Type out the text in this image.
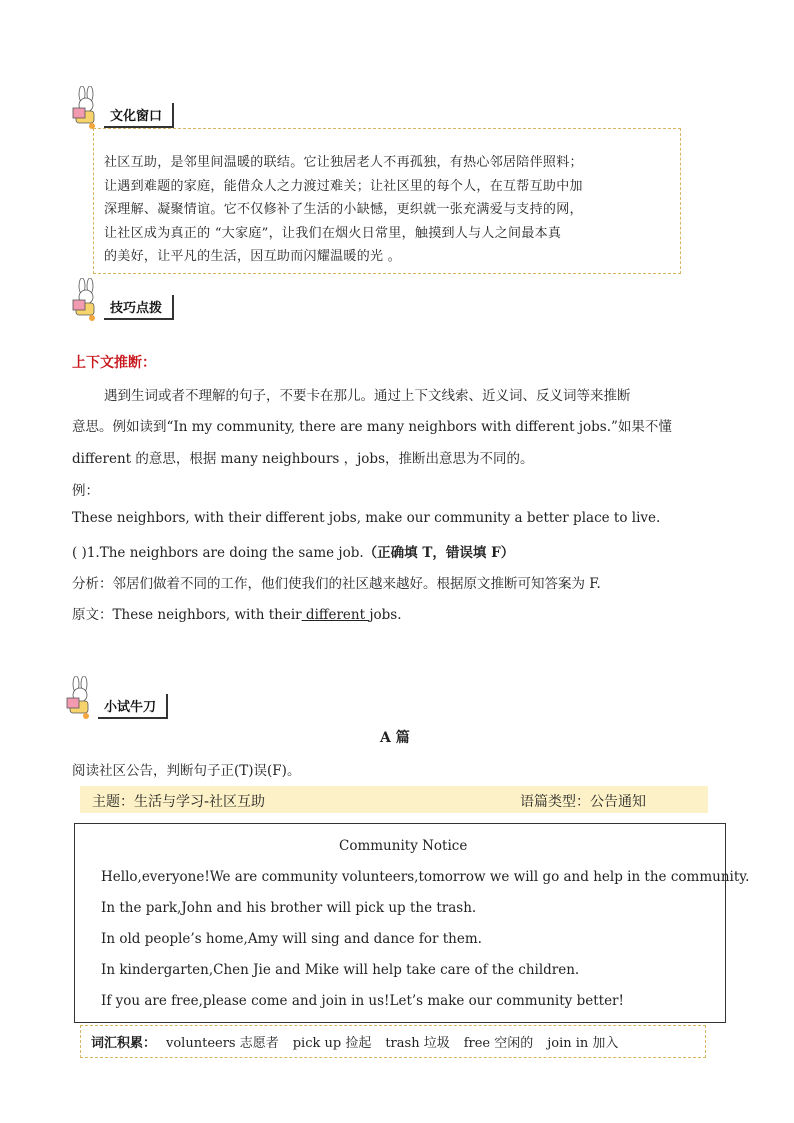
文化窗口
社区互助，是邻里间温暖的联结。它让独居老人不再孤独，有热心邻居陪伴照料；
让遇到难题的家庭，能借众人之力渡过难关；让社区里的每个人，在互帮互助中加
深理解、凝聚情谊。它不仅修补了生活的小缺憾，更织就一张充满爱与支持的网，
让社区成为真正的 “大家庭”，让我们在烟火日常里，触摸到人与人之间最本真
的美好，让平凡的生活，因互助而闪耀温暖的光 。
技巧点拨
上下文推断：
遇到生词或者不理解的句子，不要卡在那儿。通过上下文线索、近义词、反义词等来推断
意思。例如读到“In my community, there are many neighbors with different jobs.”如果不懂
different 的意思，根据 many neighbours ，jobs，推断出意思为不同的。
例：
These neighbors, with their different jobs, make our community a better place to live.
( )1.The neighbors are doing the same job.（正确填 T，错误填 F）
分析：邻居们做着不同的工作，他们使我们的社区越来越好。根据原文推断可知答案为 F.
原文：These neighbors, with their different jobs.
小试牛刀
A 篇
阅读社区公告，判断句子正(T)误(F)。
主题：生活与学习-社区互助	语篇类型：公告通知
Community Notice
Hello,everyone!We are community volunteers,tomorrow we will go and help in the community.
In the park,John and his brother will pick up the trash.
In old people’s home,Amy will sing and dance for them.
In kindergarten,Chen Jie and Mike will help take care of the children.
If you are free,please come and join in us!Let’s make our community better!
词汇积累： volunteers 志愿者 pick up 捡起 trash 垃圾 free 空闲的 join in 加入
